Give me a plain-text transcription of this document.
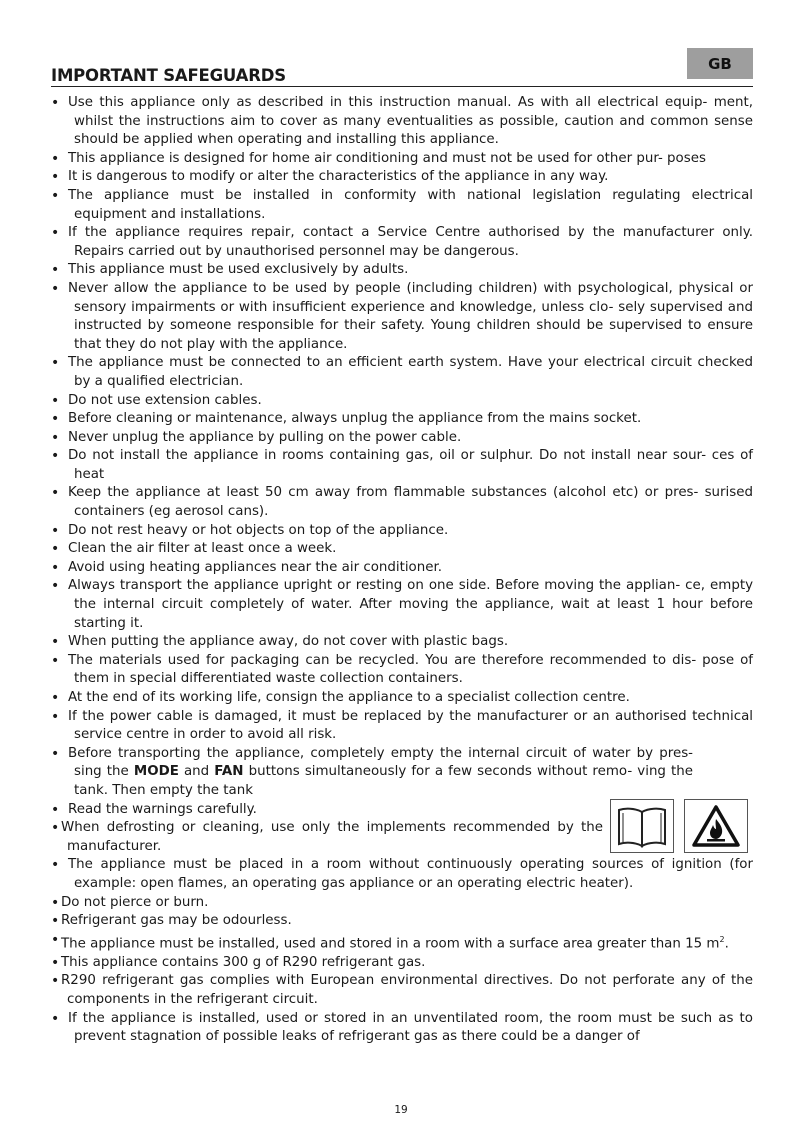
GB
IMPORTANT SAFEGUARDS
• Use this appliance only as described in this instruction manual. As with all electrical equip- ment, whilst the instructions aim to cover as many eventualities as possible, caution and common sense should be applied when operating and installing this appliance.
• This appliance is designed for home air conditioning and must not be used for other pur- poses
• It is dangerous to modify or alter the characteristics of the appliance in any way.
• The appliance must be installed in conformity with national legislation regulating electrical equipment and installations.
• If the appliance requires repair, contact a Service Centre authorised by the manufacturer only. Repairs carried out by unauthorised personnel may be dangerous.
• This appliance must be used exclusively by adults.
• Never allow the appliance to be used by people (including children) with psychological, physical or sensory impairments or with insufficient experience and knowledge, unless clo- sely supervised and instructed by someone responsible for their safety. Young children should be supervised to ensure that they do not play with the appliance.
• The appliance must be connected to an efficient earth system. Have your electrical circuit checked by a qualified electrician.
• Do not use extension cables.
• Before cleaning or maintenance, always unplug the appliance from the mains socket.
• Never unplug the appliance by pulling on the power cable.
• Do not install the appliance in rooms containing gas, oil or sulphur. Do not install near sour- ces of heat
• Keep the appliance at least 50 cm away from flammable substances (alcohol etc) or pres- surised containers (eg aerosol cans).
• Do not rest heavy or hot objects on top of the appliance.
• Clean the air filter at least once a week.
• Avoid using heating appliances near the air conditioner.
• Always transport the appliance upright or resting on one side. Before moving the applian- ce, empty the internal circuit completely of water. After moving the appliance, wait at least 1 hour before starting it.
• When putting the appliance away, do not cover with plastic bags.
• The materials used for packaging can be recycled. You are therefore recommended to dis- pose of them in special differentiated waste collection containers.
• At the end of its working life, consign the appliance to a specialist collection centre.
• If the power cable is damaged, it must be replaced by the manufacturer or an authorised technical service centre in order to avoid all risk.
• Before transporting the appliance, completely empty the internal circuit of water by pres- sing the MODE and FAN buttons simultaneously for a few seconds without remo- ving the tank. Then empty the tank
• Read the warnings carefully.
• When defrosting or cleaning, use only the implements recommended by the manufacturer.
• The appliance must be placed in a room without continuously operating sources of ignition (for example: open flames, an operating gas appliance or an operating electric heater).
• Do not pierce or burn.
• Refrigerant gas may be odourless.
• The appliance must be installed, used and stored in a room with a surface area greater than 15 $m^2$.
• This appliance contains 300 g of R290 refrigerant gas.
• R290 refrigerant gas complies with European environmental directives. Do not perforate any of the components in the refrigerant circuit.
• If the appliance is installed, used or stored in an unventilated room, the room must be such as to prevent stagnation of possible leaks of refrigerant gas as there could be a danger of
19
